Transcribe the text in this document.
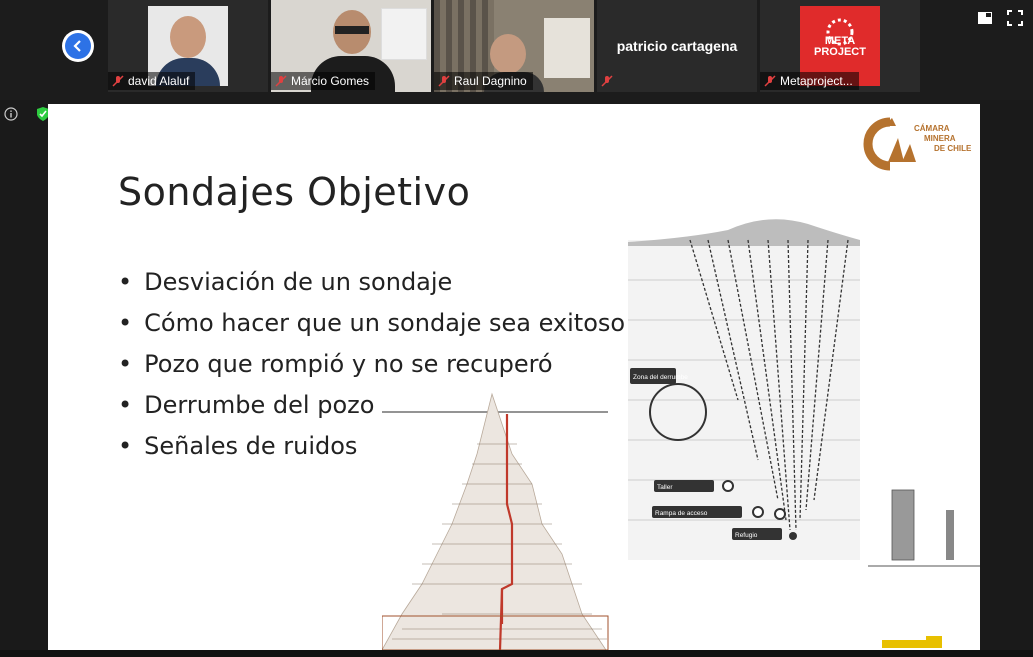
david Alaluf	Márcio Gomes	Raul Dagnino
patricio cartagena	META
PROJECT
Metaproject...
Sondajes Objetivo
• Desviación de un sondaje
• Cómo hacer que un sondaje sea exitoso
• Pozo que rompió y no se recuperó
• Derrumbe del pozo
• Señales de ruidos
CÁMARA
MINERA
DE CHILE
Zona del derrumbe
Taller
Rampa de acceso
Refugio
